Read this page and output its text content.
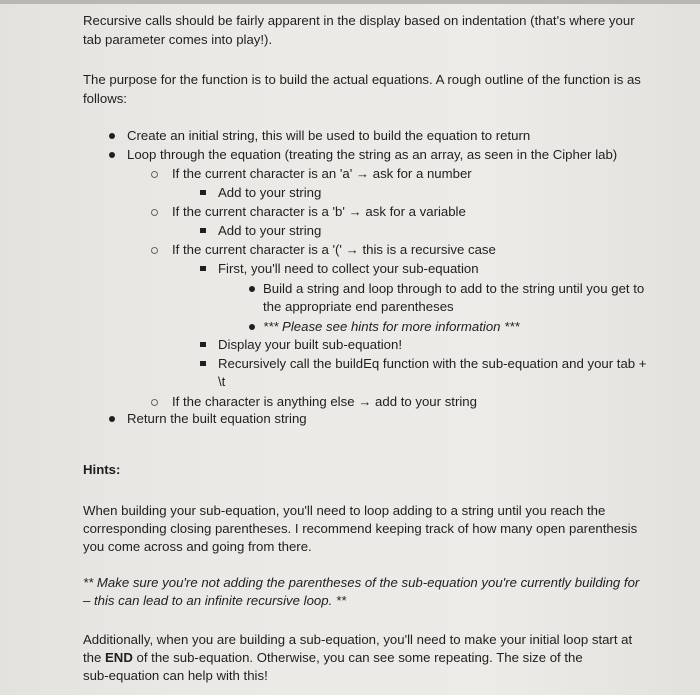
Recursive calls should be fairly apparent in the display based on indentation (that's where your
tab parameter comes into play!).
The purpose for the function is to build the actual equations. A rough outline of the function is as
follows:
Create an initial string, this will be used to build the equation to return
Loop through the equation (treating the string as an array, as seen in the Cipher lab)
If the current character is an 'a' → ask for a number
Add to your string
If the current character is a 'b' → ask for a variable
Add to your string
If the current character is a '(' → this is a recursive case
First, you'll need to collect your sub-equation
Build a string and loop through to add to the string until you get to
the appropriate end parentheses
*** Please see hints for more information ***
Display your built sub-equation!
Recursively call the buildEq function with the sub-equation and your tab +
\t
If the character is anything else → add to your string
Return the built equation string
Hints:
When building your sub-equation, you'll need to loop adding to a string until you reach the
corresponding closing parentheses. I recommend keeping track of how many open parenthesis
you come across and going from there.
** Make sure you're not adding the parentheses of the sub-equation you're currently building for
– this can lead to an infinite recursive loop. **
Additionally, when you are building a sub-equation, you'll need to make your initial loop start at
the END of the sub-equation. Otherwise, you can see some repeating. The size of the
sub-equation can help with this!
